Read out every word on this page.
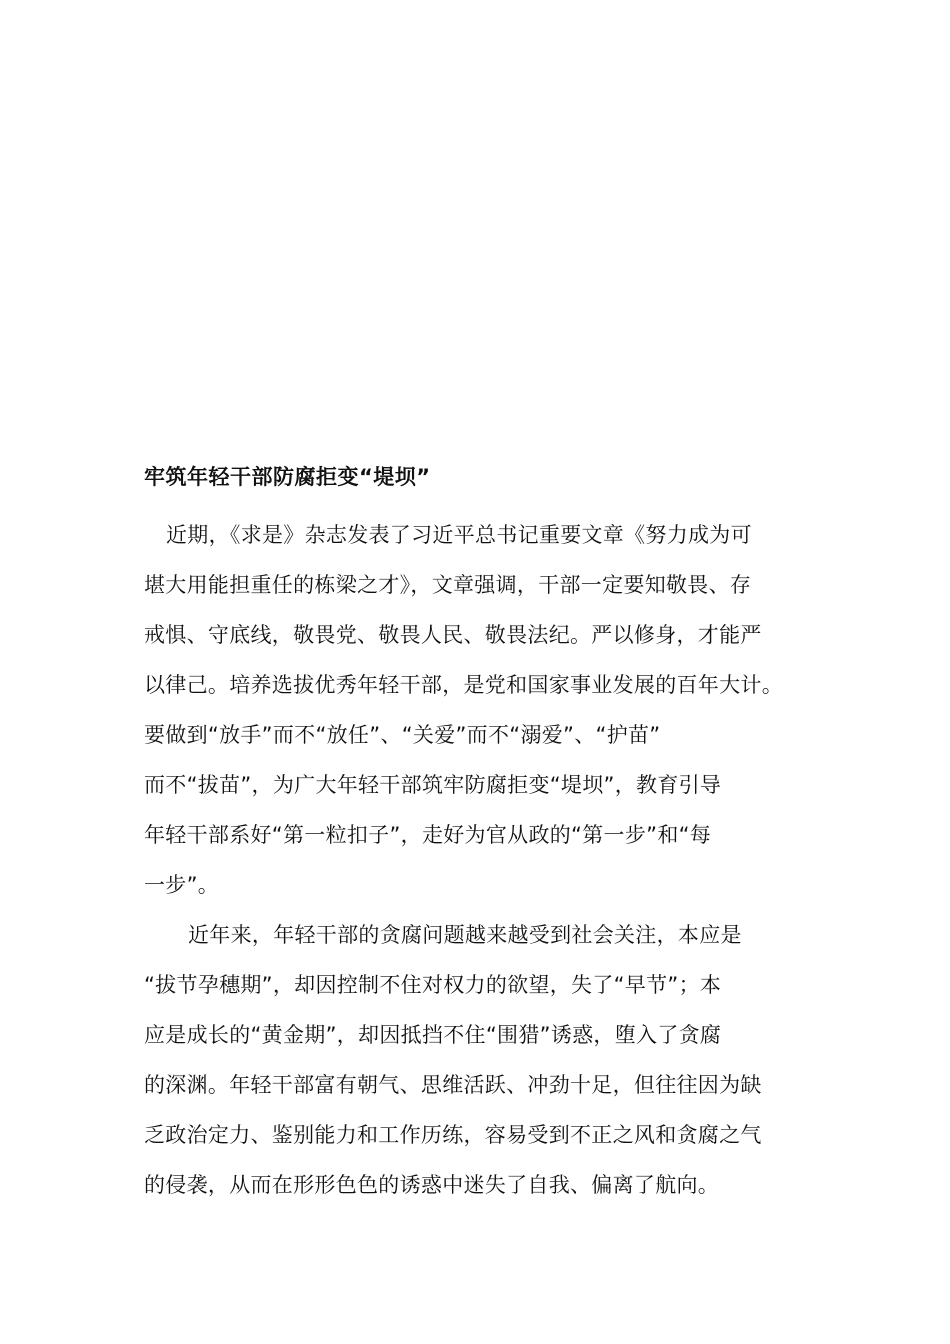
牢筑年轻干部防腐拒变“堤坝”
近期，《求是》杂志发表了习近平总书记重要文章《努力成为可
堪大用能担重任的栋梁之才》，文章强调，干部一定要知敬畏、存
戒惧、守底线，敬畏党、敬畏人民、敬畏法纪。严以修身，才能严
以律己。培养选拔优秀年轻干部，是党和国家事业发展的百年大计。
要做到“放手”而不“放任”、“关爱”而不“溺爱”、“护苗”
而不“拔苗”，为广大年轻干部筑牢防腐拒变“堤坝”，教育引导
年轻干部系好“第一粒扣子”，走好为官从政的“第一步”和“每
一步”。
近年来，年轻干部的贪腐问题越来越受到社会关注，本应是
“拔节孕穗期”，却因控制不住对权力的欲望，失了“早节”；本
应是成长的“黄金期”，却因抵挡不住“围猎”诱惑，堕入了贪腐
的深渊。年轻干部富有朝气、思维活跃、冲劲十足，但往往因为缺
乏政治定力、鉴别能力和工作历练，容易受到不正之风和贪腐之气
的侵袭，从而在形形色色的诱惑中迷失了自我、偏离了航向。
